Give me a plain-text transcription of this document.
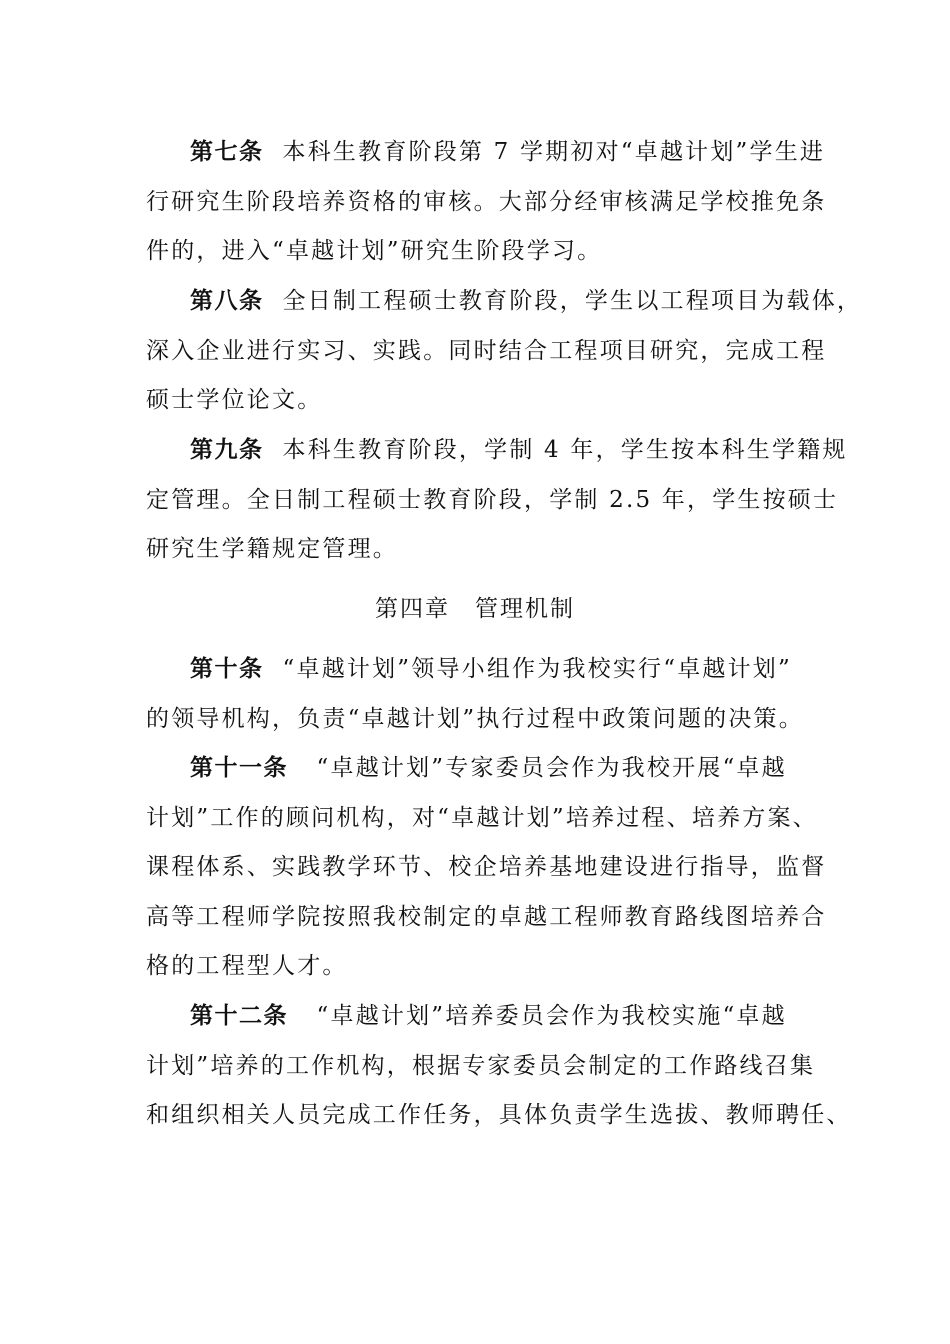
第七条 本科生教育阶段第 7 学期初对“卓越计划”学生进
行研究生阶段培养资格的审核。大部分经审核满足学校推免条
件的，进入“卓越计划”研究生阶段学习。
第八条 全日制工程硕士教育阶段，学生以工程项目为载体，
深入企业进行实习、实践。同时结合工程项目研究，完成工程
硕士学位论文。
第九条 本科生教育阶段，学制 4 年，学生按本科生学籍规
定管理。全日制工程硕士教育阶段，学制 2.5 年，学生按硕士
研究生学籍规定管理。
第四章　管理机制
第十条 “卓越计划”领导小组作为我校实行“卓越计划”
的领导机构，负责“卓越计划”执行过程中政策问题的决策。
第十一条 “卓越计划”专家委员会作为我校开展“卓越
计划”工作的顾问机构，对“卓越计划”培养过程、培养方案、
课程体系、实践教学环节、校企培养基地建设进行指导，监督
高等工程师学院按照我校制定的卓越工程师教育路线图培养合
格的工程型人才。
第十二条 “卓越计划”培养委员会作为我校实施“卓越
计划”培养的工作机构，根据专家委员会制定的工作路线召集
和组织相关人员完成工作任务，具体负责学生选拔、教师聘任、
